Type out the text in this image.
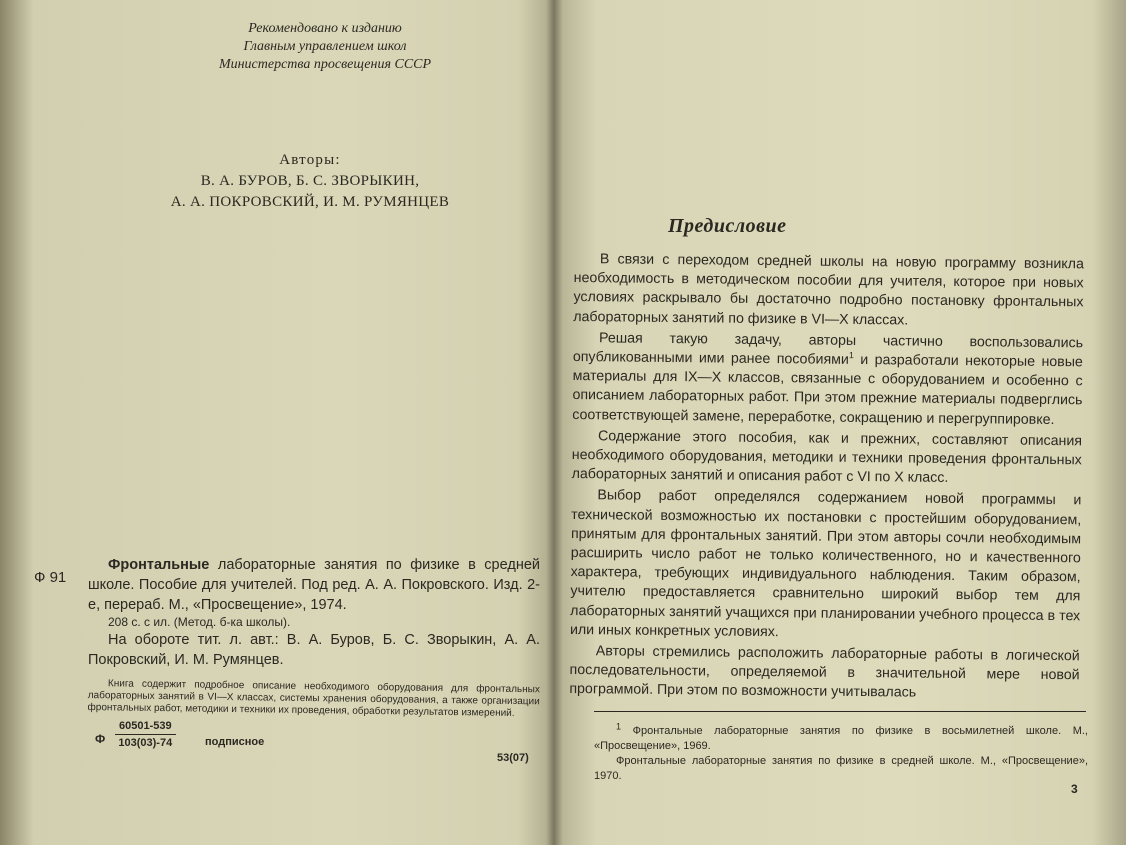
Рекомендовано к изданию
Главным управлением школ
Министерства просвещения СССР
Авторы:
В. А. БУРОВ, Б. С. ЗВОРЫКИН,
А. А. ПОКРОВСКИЙ, И. М. РУМЯНЦЕВ
Ф 91
Фронтальные лабораторные занятия по физике в средней школе. Пособие для учителей. Под ред. А. А. Покровского. Изд. 2-е, перераб. М., «Просвещение», 1974.
208 с. с ил. (Метод. б-ка школы).
На обороте тит. л. авт.: В. А. Буров, Б. С. Зворыкин, А. А. Покровский, И. М. Румянцев.
Книга содержит подробное описание необходимого оборудования для фронтальных лабораторных занятий в VI—X классах, системы хранения оборудования, а также организации фронтальных работ, методики и техники их проведения, обработки результатов измерений.
Ф $\frac{60501-539}{103(03)-74}$	подписное
53(07)
Предисловие

В связи с переходом средней школы на новую программу возникла необходимость в методическом пособии для учителя, которое при новых условиях раскрывало бы достаточно подробно постановку фронтальных лабораторных занятий по физике в VI—X классах.

Решая такую задачу, авторы частично воспользовались опубликованными ими ранее пособиями$^1$ и разработали некоторые новые материалы для IX—X классов, связанные с оборудованием и особенно с описанием лабораторных работ. При этом прежние материалы подверглись соответствующей замене, переработке, сокращению и перегруппировке.

Содержание этого пособия, как и прежних, составляют описания необходимого оборудования, методики и техники проведения фронтальных лабораторных занятий и описания работ с VI по X класс.

Выбор работ определялся содержанием новой программы и технической возможностью их постановки с простейшим оборудованием, принятым для фронтальных занятий. При этом авторы сочли необходимым расширить число работ не только количественного, но и качественного характера, требующих индивидуального наблюдения. Таким образом, учителю предоставляется сравнительно широкий выбор тем для лабораторных занятий учащихся при планировании учебного процесса в тех или иных конкретных условиях.

Авторы стремились расположить лабораторные работы в логической последовательности, определяемой в значительной мере новой программой. При этом по возможности учитывалась

$^1$ Фронтальные лабораторные занятия по физике в восьмилетней школе. М., «Просвещение», 1969.

Фронтальные лабораторные занятия по физике в средней школе. М., «Просвещение», 1970.

3
